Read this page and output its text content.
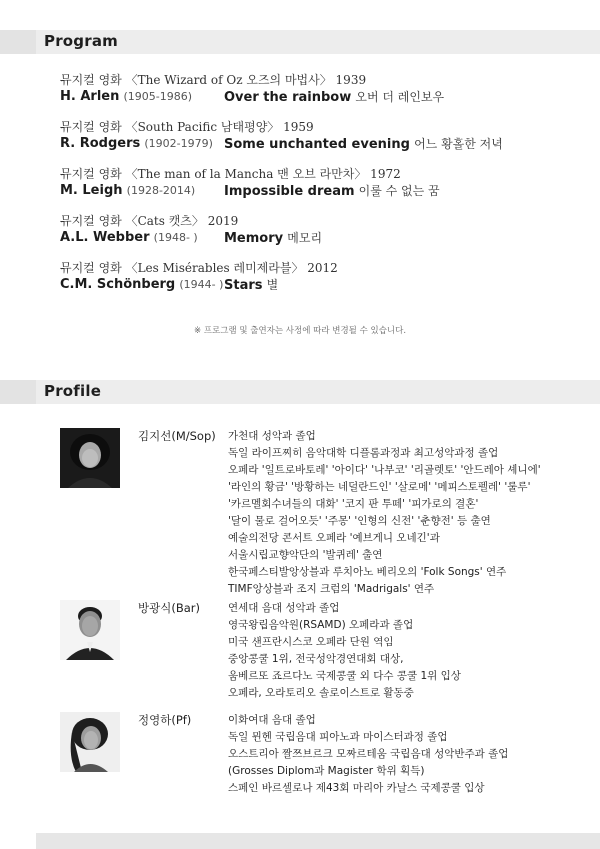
Program
뮤지컬 영화 〈The Wizard of Oz 오즈의 마법사〉 1939
H. Arlen (1905-1986) Over the rainbow 오버 더 레인보우
뮤지컬 영화 〈South Pacific 남태평양〉 1959
R. Rodgers (1902-1979) Some unchanted evening 어느 황홀한 저녁
뮤지컬 영화 〈The man of la Mancha 맨 오브 라만차〉 1972
M. Leigh (1928-2014) Impossible dream 이룰 수 없는 꿈
뮤지컬 영화 〈Cats 캣츠〉 2019
A.L. Webber (1948- ) Memory 메모리
뮤지컬 영화 〈Les Misérables 레미제라블〉 2012
C.M. Schönberg (1944- ) Stars 별
※ 프로그램 및 출연자는 사정에 따라 변경될 수 있습니다.
Profile
김지선(M/Sop) 가천대 성악과 졸업
독일 라이프찌히 음악대학 디플롬과정과 최고성악과정 졸업
오페라 '일트로바토레' '아이다' '나부코' '리골렛토' '안드레아 셰니에'
'라인의 황금' '방황하는 네덜란드인' '살로메' '메피스토펠레' '룰루'
'카르멜회수녀들의 대화' '코지 판 투떼' '피가로의 결혼'
'달이 물로 걸어오듯' '주몽' '인형의 신전' '춘향전' 등 출연
예술의전당 콘서트 오페라 '예브게니 오네긴'과
서울시립교향악단의 '발퀴레' 출연
한국페스티발앙상블과 루치아노 베리오의 'Folk Songs' 연주
TIMF앙상블과 조지 크럼의 'Madrigals' 연주
방광식(Bar)	연세대 음대 성악과 졸업
영국왕립음악원(RSAMD) 오페라과 졸업
미국 샌프란시스코 오페라 단원 역임
중앙콩쿨 1위, 전국성악경연대회 대상,
움베르또 죠르다노 국제콩쿨 외 다수 콩쿨 1위 입상
오페라, 오라토리오 솔로이스트로 활동중
정영하(Pf)	이화여대 음대 졸업
독일 뮌헨 국립음대 피아노과 마이스터과정 졸업
오스트리아 짤쯔브르크 모짜르테움 국립음대 성악반주과 졸업
(Grosses Diplom과 Magister 학위 획득)
스페인 바르셀로나 제43회 마리아 카날스 국제콩쿨 입상
